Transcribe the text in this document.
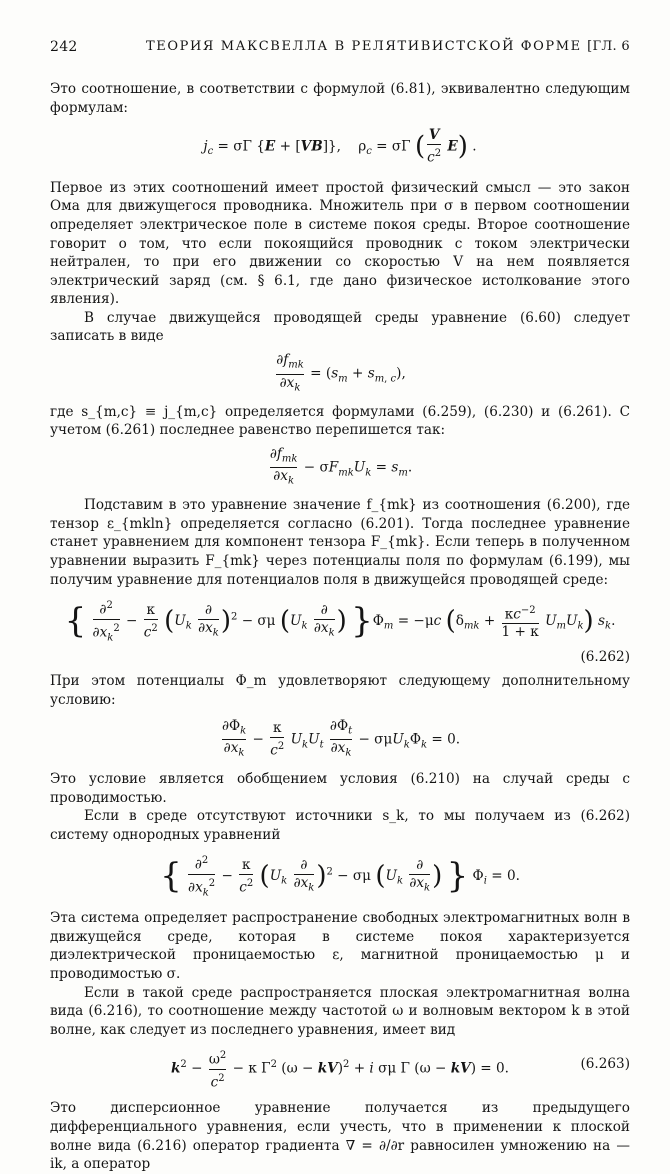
242	ТЕОРИЯ МАКСВЕЛЛА В РЕЛЯТИВИСТСКОЙ ФОРМЕ [ГЛ. 6

Это соотношение, в соответствии с формулой (6.81), эквивалентно следующим формулам:

$j_c = \sigma\Gamma$ {E + [VB]},    $\rho_c = \sigma\Gamma$ ( $\frac{V}{c^2} E$) .

Первое из этих соотношений имеет простой физический смысл — это закон Ома для движущегося проводника. Множитель при σ в первом соотношении определяет электрическое поле в системе покоя среды. Второе соотношение говорит о том, что если покоящийся проводник с током электрически нейтрален, то при его движении со скоростью V на нем появляется электрический заряд (см. § 6.1, где дано физическое истолкование этого явления).

В случае движущейся проводящей среды уравнение (6.60) следует записать в виде

$\frac{\partial f_{mk}}{\partial x_k} = (s_m + s_{m, c})$,

где s_{m,c} ≡ j_{m,c} определяется формулами (6.259), (6.230) и (6.261). С учетом (6.261) последнее равенство перепишется так:

$\frac{\partial f_{mk}}{\partial x_k} - \sigma F_{mk}U_k = s_m$.

Подставим в это уравнение значение f_{mk} из соотношения (6.200), где тензор ε_{mkln} определяется согласно (6.201). Тогда последнее уравнение станет уравнением для компонент тензора F_{mk}. Если теперь в полученном уравнении выразить F_{mk} через потенциалы поля по формулам (6.199), мы получим уравнение для потенциалов поля в движущейся проводящей среде:

{ $\frac{\partial^2}{\partial x_k^2} - \frac{\kappa}{c^2} (U_k \frac{\partial}{\partial x_k} )^2 - \sigma\mu$ ($U_k \frac{\partial}{\partial x_k}$ ) }$\Phi_m = -\mu c$ $(\delta_{mk} + \frac{\kappa c^{-2}}{1 + \kappa} U_mU_k)$ $s_k$.
(6.262)

При этом потенциалы Φ_m удовлетворяют следующему дополнительному условию:

$\frac{\partial\Phi_k}{\partial x_k} - \frac{\kappa}{c^2} U_kU_t \frac{\partial\Phi_t}{\partial x_k} - \sigma\mu U_k\Phi_k = 0$.

Это условие является обобщением условия (6.210) на случай среды с проводимостью.

Если в среде отсутствуют источники s_k, то мы получаем из (6.262) систему однородных уравнений

{ $\frac{\partial^2}{\partial x_k^2} - \frac{\kappa}{c^2} (U_k \frac{\partial}{\partial x_k} )^2 - \sigma\mu$ ($U_k \frac{\partial}{\partial x_k}$ ) } $\Phi_i = 0$.

Эта система определяет распространение свободных электромагнитных волн в движущейся среде, которая в системе покоя характеризуется диэлектрической проницаемостью ε, магнитной проницаемостью μ и проводимостью σ.

Если в такой среде распространяется плоская электромагнитная волна вида (6.216), то соотношение между частотой ω и волновым вектором k в этой волне, как следует из последнего уравнения, имеет вид

$k^2 - \frac{\omega^2}{c^2} - \kappa$ $\Gamma^2$ (ω − kV)$^2$ + i σμ Γ (ω − kV) = 0.	(6.263)

Это дисперсионное уравнение получается из предыдущего дифференциального уравнения, если учесть, что в применении к плоской волне вида (6.216) оператор градиента ∇ = ∂/∂r равносилен умножению на — ik, а оператор
